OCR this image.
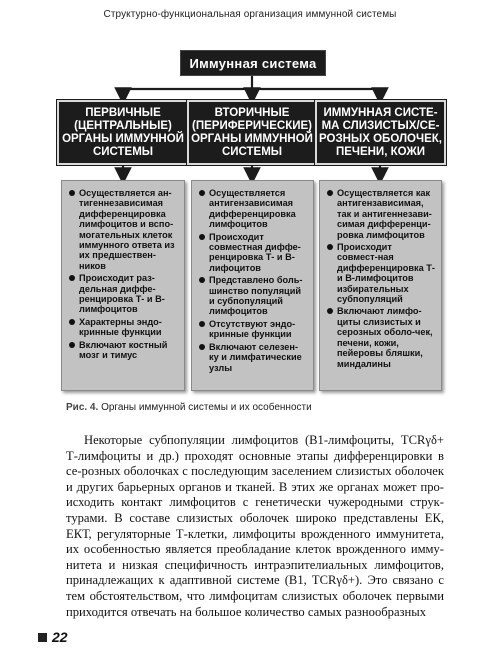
Структурно-функциональная организация иммунной системы
Иммунная система
ПЕРВИЧНЫЕ
(ЦЕНТРАЛЬНЫЕ)
ОРГАНЫ ИММУННОЙ
СИСТЕМЫ
ВТОРИЧНЫЕ
(ПЕРИФЕРИЧЕСКИЕ)
ОРГАНЫ ИММУННОЙ
СИСТЕМЫ
ИММУННАЯ СИСТЕ-
МА СЛИЗИСТЫХ/СЕ-
РОЗНЫХ ОБОЛОЧЕК,
ПЕЧЕНИ, КОЖИ
Осуществляется ан-тигеннезависимая дифференцировка лимфоцитов и вспо-могательных клеток иммунного ответа из их предшествен-ников
Происходит раз-дельная диффе-ренцировка Т- и В-лимфоцитов
Характерны эндо-кринные функции
Включают костный мозг и тимус
Осуществляется антигензависимая дифференцировка лимфоцитов
Происходит совместная диффе-ренцировка Т- и В-лифоцитов
Представлено боль-шинство популяций и субпопуляций лимфоцитов
Отсутствуют эндо-кринные функции
Включают селезен-ку и лимфатические узлы
Осуществляется как антигензависимая, так и антигеннезави-симая дифференци-ровка лимфоцитов
Происходит совмест-ная дифференцировка Т- и В-лимфоцитов избирательных субпопуляций
Включают лимфо-циты слизистых и серозных оболо-чек, печени, кожи, пейеровы бляшки, миндалины
Рис. 4. Органы иммунной системы и их особенности

Некоторые субпопуляции лимфоцитов (В1-лимфоциты, TCRγδ+ Т-лимфоциты и др.) проходят основные этапы дифференцировки в се-розных оболочках с последующим заселением слизистых оболочек и других барьерных органов и тканей. В этих же органах может про-исходить контакт лимфоцитов с генетически чужеродными струк-турами. В составе слизистых оболочек широко представлены ЕК, ЕКТ, регуляторные Т-клетки, лимфоциты врожденного иммунитета, их особенностью является преобладание клеток врожденного имму-нитета и низкая специфичность интраэпителиальных лимфоцитов, принадлежащих к адаптивной системе (В1, TCRγδ+). Это связано с тем обстоятельством, что лимфоцитам слизистых оболочек первыми приходится отвечать на большое количество самых разнообразных

22
